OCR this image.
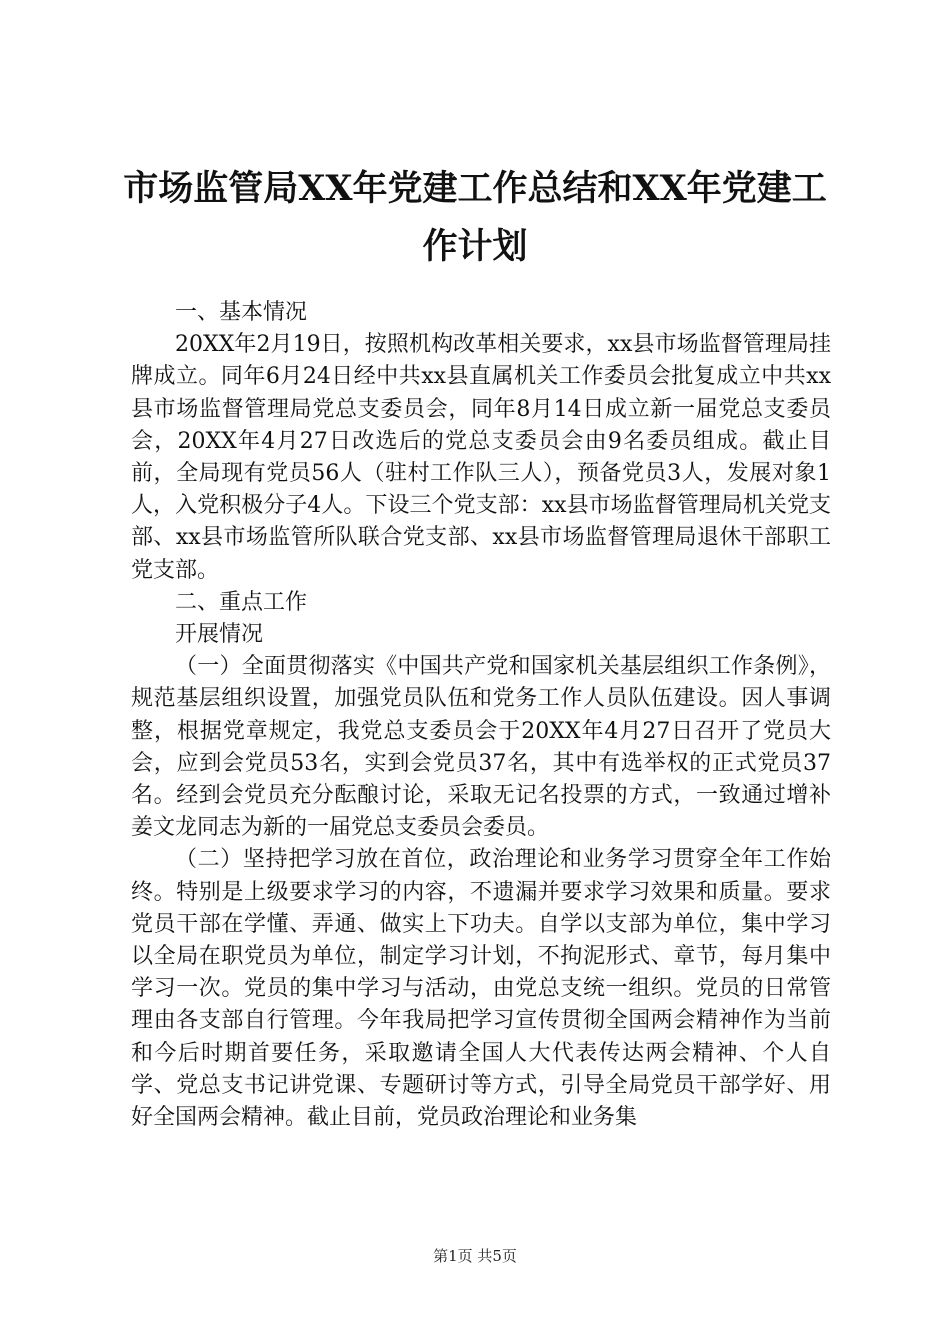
市场监管局XX年党建工作总结和XX年党建工作计划

一、基本情况

20XX年2月19日，按照机构改革相关要求，xx县市场监督管理局挂牌成立。同年6月24日经中共xx县直属机关工作委员会批复成立中共xx县市场监督管理局党总支委员会，同年8月14日成立新一届党总支委员会，20XX年4月27日改选后的党总支委员会由9名委员组成。截止目前，全局现有党员56人（驻村工作队三人），预备党员3人，发展对象1人，入党积极分子4人。下设三个党支部：xx县市场监督管理局机关党支部、xx县市场监管所队联合党支部、xx县市场监督管理局退休干部职工党支部。

二、重点工作

开展情况

（一）全面贯彻落实《中国共产党和国家机关基层组织工作条例》，规范基层组织设置，加强党员队伍和党务工作人员队伍建设。因人事调整，根据党章规定，我党总支委员会于20XX年4月27日召开了党员大会，应到会党员53名，实到会党员37名，其中有选举权的正式党员37名。经到会党员充分酝酿讨论，采取无记名投票的方式，一致通过增补姜文龙同志为新的一届党总支委员会委员。

（二）坚持把学习放在首位，政治理论和业务学习贯穿全年工作始终。特别是上级要求学习的内容，不遗漏并要求学习效果和质量。要求党员干部在学懂、弄通、做实上下功夫。自学以支部为单位，集中学习以全局在职党员为单位，制定学习计划，不拘泥形式、章节，每月集中学习一次。党员的集中学习与活动，由党总支统一组织。党员的日常管理由各支部自行管理。今年我局把学习宣传贯彻全国两会精神作为当前和今后时期首要任务，采取邀请全国人大代表传达两会精神、个人自学、党总支书记讲党课、专题研讨等方式，引导全局党员干部学好、用好全国两会精神。截止目前，党员政治理论和业务集

第1页 共5页
